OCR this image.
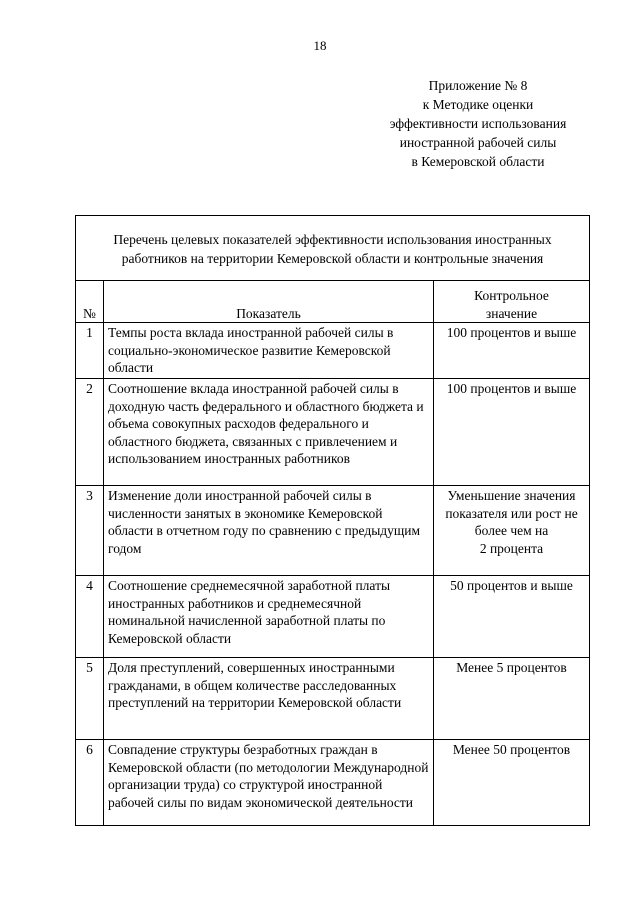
18
Приложение № 8
к Методике оценки
эффективности использования
иностранной рабочей силы
в Кемеровской области
Перечень целевых показателей эффективности использования иностранных работников на территории Кемеровской области и контрольные значения		
№	Показатель	Контрольное
значение
1	Темпы роста вклада иностранной рабочей силы в социально-экономическое развитие Кемеровской области	100 процентов и выше
2	Соотношение вклада иностранной рабочей силы в доходную часть федерального и областного бюджета и объема совокупных расходов федерального и областного бюджета, связанных с привлечением и использованием иностранных работников	100 процентов и выше
3	Изменение доли иностранной рабочей силы в численности занятых в экономике Кемеровской области в отчетном году по сравнению с предыдущим годом	Уменьшение значения показателя или рост не более чем на
2 процента
4	Соотношение среднемесячной заработной платы иностранных работников и среднемесячной номинальной начисленной заработной платы по Кемеровской области	50 процентов и выше
5	Доля преступлений, совершенных иностранными гражданами, в общем количестве расследованных преступлений на территории Кемеровской области	Менее 5 процентов
6	Совпадение структуры безработных граждан в Кемеровской области (по методологии Международной организации труда) со структурой иностранной рабочей силы по видам экономической деятельности	Менее 50 процентов
